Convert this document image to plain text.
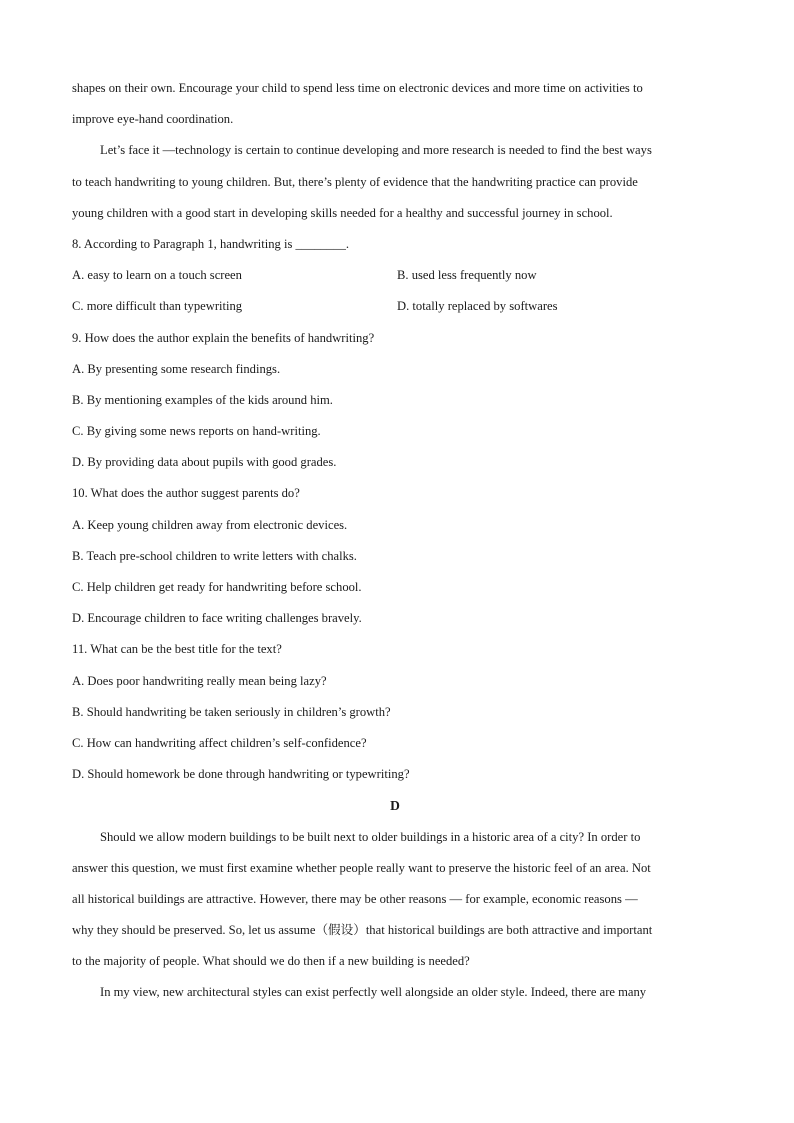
shapes on their own. Encourage your child to spend less time on electronic devices and more time on activities to
improve eye-hand coordination.
Let’s face it —technology is certain to continue developing and more research is needed to find the best ways
to teach handwriting to young children. But, there’s plenty of evidence that the handwriting practice can provide
young children with a good start in developing skills needed for a healthy and successful journey in school.
8. According to Paragraph 1, handwriting is ________.
A. easy to learn on a touch screen	B. used less frequently now
C. more difficult than typewriting	D. totally replaced by softwares
9. How does the author explain the benefits of handwriting?
A. By presenting some research findings.
B. By mentioning examples of the kids around him.
C. By giving some news reports on hand-writing.
D. By providing data about pupils with good grades.
10. What does the author suggest parents do?
A. Keep young children away from electronic devices.
B. Teach pre-school children to write letters with chalks.
C. Help children get ready for handwriting before school.
D. Encourage children to face writing challenges bravely.
11. What can be the best title for the text?
A. Does poor handwriting really mean being lazy?
B. Should handwriting be taken seriously in children’s growth?
C. How can handwriting affect children’s self-confidence?
D. Should homework be done through handwriting or typewriting?
D
Should we allow modern buildings to be built next to older buildings in a historic area of a city? In order to
answer this question, we must first examine whether people really want to preserve the historic feel of an area. Not
all historical buildings are attractive. However, there may be other reasons — for example, economic reasons —
why they should be preserved. So, let us assume（假设）that historical buildings are both attractive and important
to the majority of people. What should we do then if a new building is needed?
In my view, new architectural styles can exist perfectly well alongside an older style. Indeed, there are many
